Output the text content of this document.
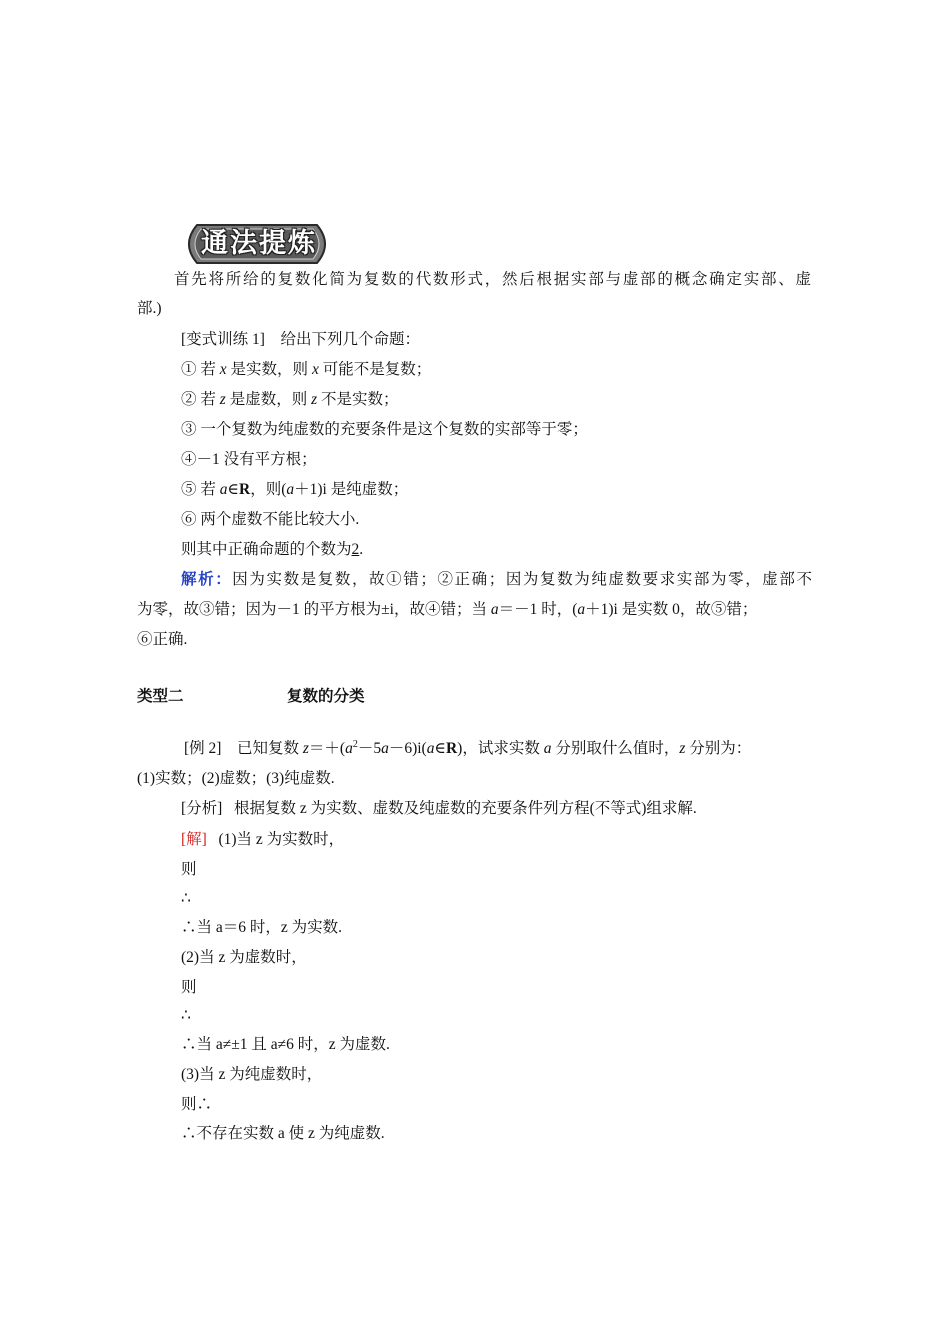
通法提炼
首先将所给的复数化简为复数的代数形式，然后根据实部与虚部的概念确定实部、虚
部.)
[变式训练 1] 给出下列几个命题：
① 若 x 是实数，则 x 可能不是复数；
② 若 z 是虚数，则 z 不是实数；
③ 一个复数为纯虚数的充要条件是这个复数的实部等于零；
④－1 没有平方根；
⑤ 若 a∈R，则(a＋1)i 是纯虚数；
⑥ 两个虚数不能比较大小.
则其中正确命题的个数为2.
解析：因为实数是复数，故①错；②正确；因为复数为纯虚数要求实部为零，虚部不
为零，故③错；因为－1 的平方根为±i，故④错；当 a＝－1 时，(a＋1)i 是实数 0，故⑤错；
⑥正确.
类型二	复数的分类
[例 2] 已知复数 $z=+(a^2-5a-6)i(a\in R)$，试求实数 a 分别取什么值时，z 分别为：
(1)实数；(2)虚数；(3)纯虚数.
[分析] 根据复数 z 为实数、虚数及纯虚数的充要条件列方程(不等式)组求解.
[解] (1)当 z 为实数时，
则
∴
∴当 a＝6 时，z 为实数.
(2)当 z 为虚数时，
则
∴
∴当 a≠±1 且 a≠6 时，z 为虚数.
(3)当 z 为纯虚数时，
则∴
∴不存在实数 a 使 z 为纯虚数.
